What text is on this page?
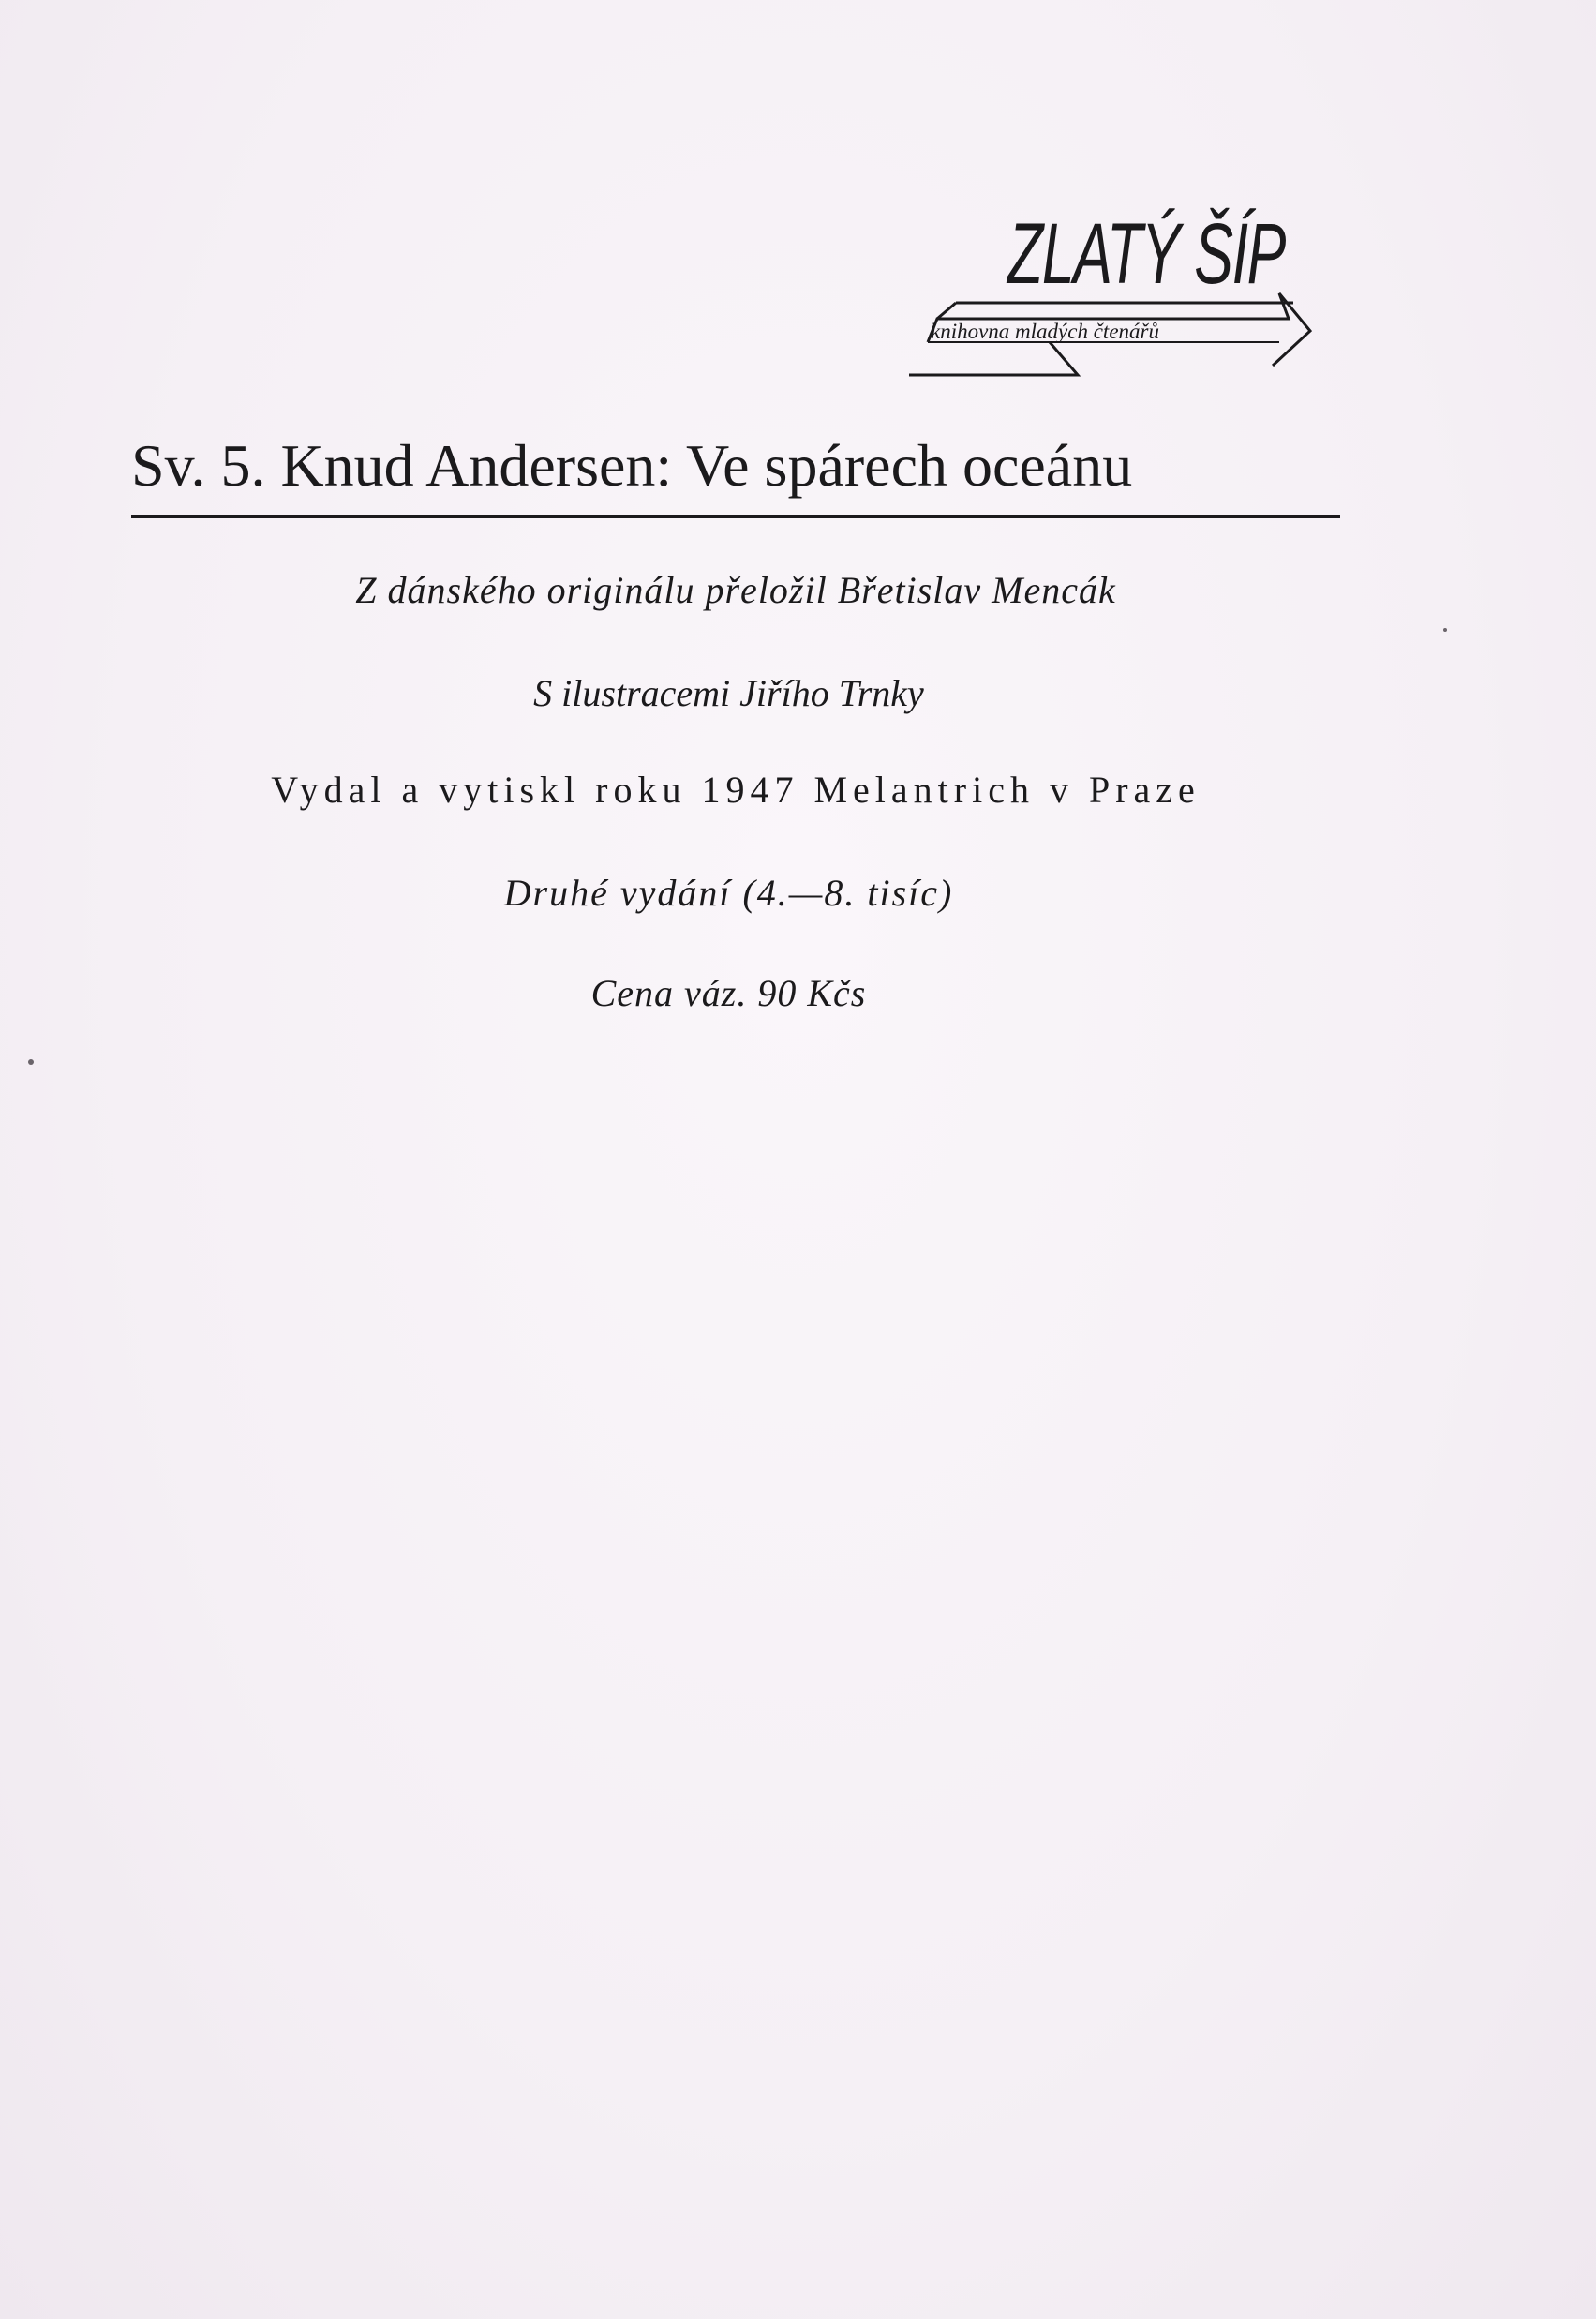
ZLATÝ ŠÍP
knihovna mladých čtenářů
Sv. 5. Knud Andersen: Ve spárech oceánu
Z dánského originálu přeložil Břetislav Mencák
S ilustracemi Jiřího Trnky
Vydal a vytiskl roku 1947 Melantrich v Praze
Druhé vydání (4.—8. tisíc)
Cena váz. 90 Kčs
